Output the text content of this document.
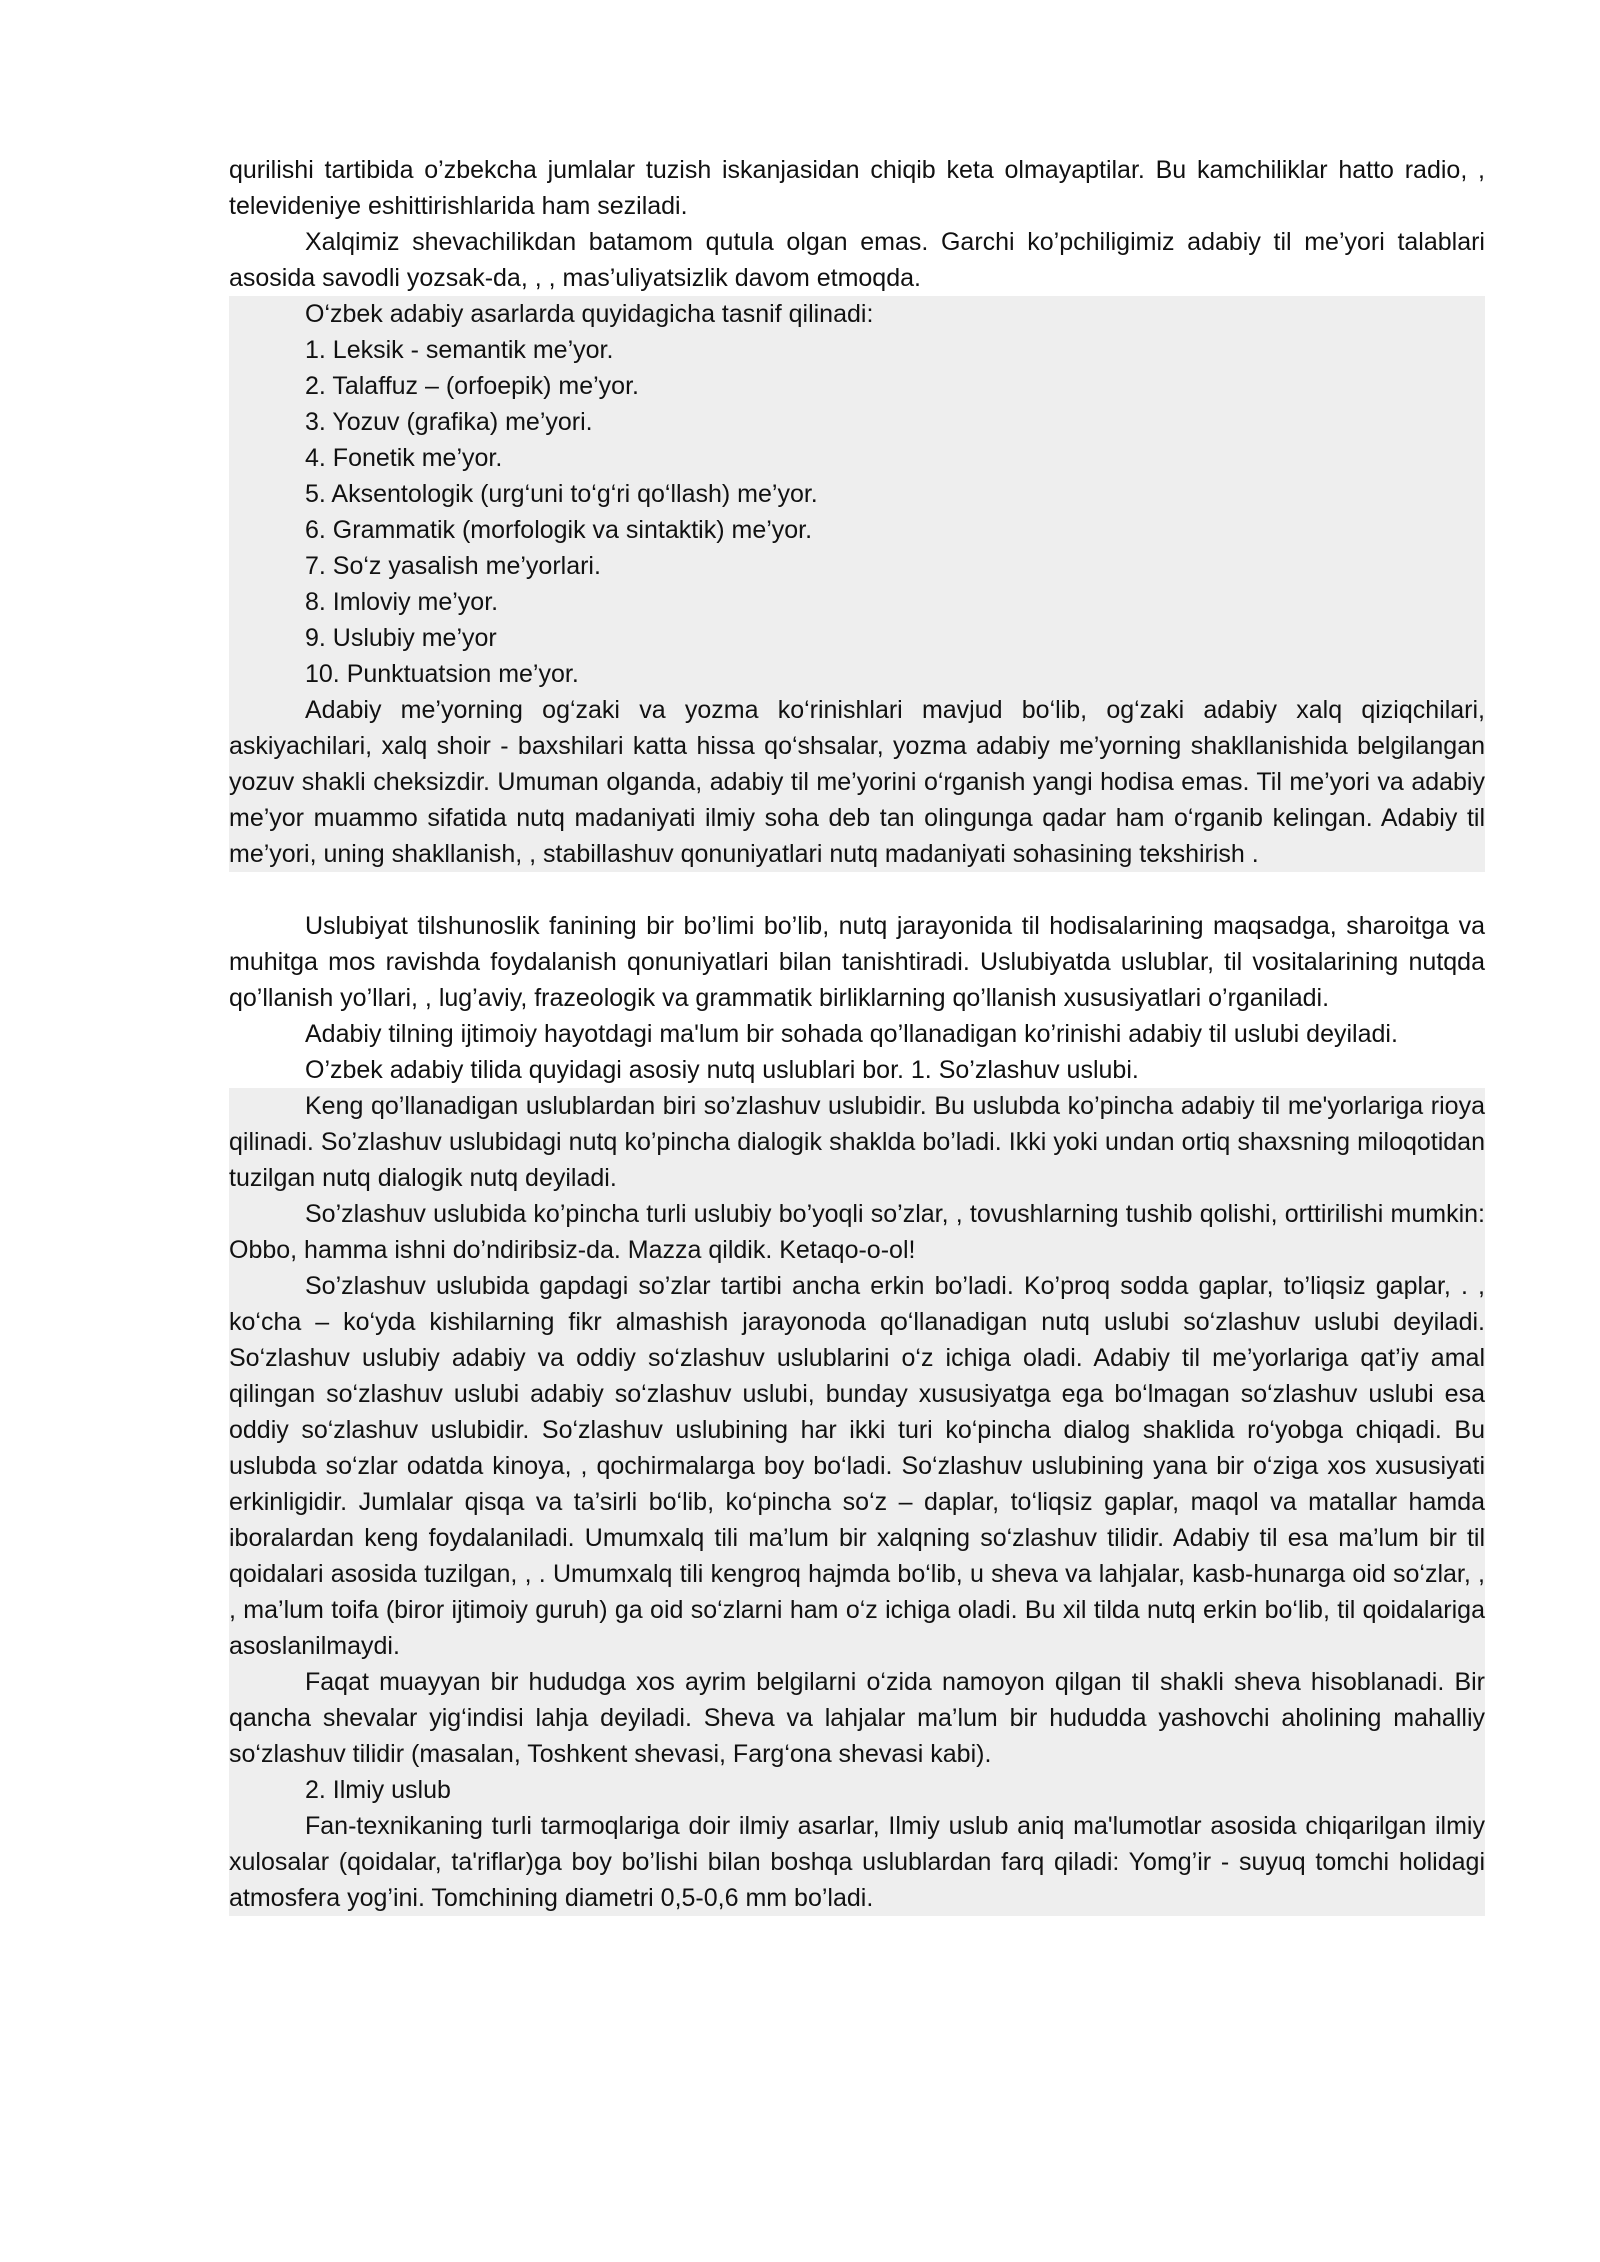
qurilishi tartibida o’zbekcha jumlalar tuzish iskanjasidan chiqib keta olmayaptilar. Bu kamchiliklar hatto radio, , televideniye eshittirishlarida ham seziladi.

Xalqimiz shevachilikdan batamom qutula olgan emas. Garchi ko’pchiligimiz adabiy til me’yori talablari asosida savodli yozsak-da, , , mas’uliyatsizlik davom etmoqda.

O‘zbek adabiy asarlarda quyidagicha tasnif qilinadi:

1. Leksik - semantik me’yor.

2. Talaffuz – (orfoepik) me’yor.

3. Yozuv (grafika) me’yori.

4. Fonetik me’yor.

5. Aksentologik (urg‘uni to‘g‘ri qo‘llash) me’yor.

6. Grammatik (morfologik va sintaktik) me’yor.

7. So‘z yasalish me’yorlari.

8. Imloviy me’yor.

9. Uslubiy me’yor

10. Punktuatsion me’yor.

Adabiy me’yorning og‘zaki va yozma ko‘rinishlari mavjud bo‘lib, og‘zaki adabiy xalq qiziqchilari, askiyachilari, xalq shoir - baxshilari katta hissa qo‘shsalar, yozma adabiy me’yorning shakllanishida belgilangan yozuv shakli cheksizdir. Umuman olganda, adabiy til me’yorini o‘rganish yangi hodisa emas. Til me’yori va adabiy me’yor muammo sifatida nutq madaniyati ilmiy soha deb tan olingunga qadar ham o‘rganib kelingan. Adabiy til me’yori, uning shakllanish, , stabillashuv qonuniyatlari nutq madaniyati sohasining tekshirish .

Uslubiyat tilshunoslik fanining bir bo’limi bo’lib, nutq jarayonida til hodisalarining maqsadga, sharoitga va muhitga mos ravishda foydalanish qonuniyatlari bilan tanishtiradi. Uslubiyatda uslublar, til vositalarining nutqda qo’llanish yo’llari, , lug’aviy, frazeologik va grammatik birliklarning qo’llanish xususiyatlari o’rganiladi.

Adabiy tilning ijtimoiy hayotdagi ma'lum bir sohada qo’llanadigan ko’rinishi adabiy til uslubi deyiladi.

O’zbek adabiy tilida quyidagi asosiy nutq uslublari bor. 1. So’zlashuv uslubi.

Keng qo’llanadigan uslublardan biri so’zlashuv uslubidir. Bu uslubda ko’pincha adabiy til me'yorlariga rioya qilinadi. So’zlashuv uslubidagi nutq ko’pincha dialogik shaklda bo’ladi. Ikki yoki undan ortiq shaxsning miloqotidan tuzilgan nutq dialogik nutq deyiladi.

So’zlashuv uslubida ko’pincha turli uslubiy bo’yoqli so’zlar, , tovushlarning tushib qolishi, orttirilishi mumkin: Obbo, hamma ishni do’ndiribsiz-da. Mazza qildik. Ketaqo-o-ol!

So’zlashuv uslubida gapdagi so’zlar tartibi ancha erkin bo’ladi. Ko’proq sodda gaplar, to’liqsiz gaplar, . , ko‘cha – ko‘yda kishilarning fikr almashish jarayonoda qo‘llanadigan nutq uslubi so‘zlashuv uslubi deyiladi. So‘zlashuv uslubiy adabiy va oddiy so‘zlashuv uslublarini o‘z ichiga oladi. Adabiy til me’yorlariga qat’iy amal qilingan so‘zlashuv uslubi adabiy so‘zlashuv uslubi, bunday xususiyatga ega bo‘lmagan so‘zlashuv uslubi esa oddiy so‘zlashuv uslubidir. So‘zlashuv uslubining har ikki turi ko‘pincha dialog shaklida ro‘yobga chiqadi. Bu uslubda so‘zlar odatda kinoya, , qochirmalarga boy bo‘ladi. So‘zlashuv uslubining yana bir o‘ziga xos xususiyati erkinligidir. Jumlalar qisqa va ta’sirli bo‘lib, ko‘pincha so‘z – daplar, to‘liqsiz gaplar, maqol va matallar hamda iboralardan keng foydalaniladi. Umumxalq tili ma’lum bir xalqning so‘zlashuv tilidir. Adabiy til esa ma’lum bir til qoidalari asosida tuzilgan, , . Umumxalq tili kengroq hajmda bo‘lib, u sheva va lahjalar, kasb-hunarga oid so‘zlar, , , ma’lum toifa (biror ijtimoiy guruh) ga oid so‘zlarni ham o‘z ichiga oladi. Bu xil tilda nutq erkin bo‘lib, til qoidalariga asoslanilmaydi.

Faqat muayyan bir hududga xos ayrim belgilarni o‘zida namoyon qilgan til shakli sheva hisoblanadi. Bir qancha shevalar yig‘indisi lahja deyiladi. Sheva va lahjalar ma’lum bir hududda yashovchi aholining mahalliy so‘zlashuv tilidir (masalan, Toshkent shevasi, Farg‘ona shevasi kabi).

2. Ilmiy uslub

Fan-texnikaning turli tarmoqlariga doir ilmiy asarlar, Ilmiy uslub aniq ma'lumotlar asosida chiqarilgan ilmiy xulosalar (qoidalar, ta'riflar)ga boy bo’lishi bilan boshqa uslublardan farq qiladi: Yomg’ir - suyuq tomchi holidagi atmosfera yog’ini. Tomchining diametri 0,5-0,6 mm bo’ladi.
